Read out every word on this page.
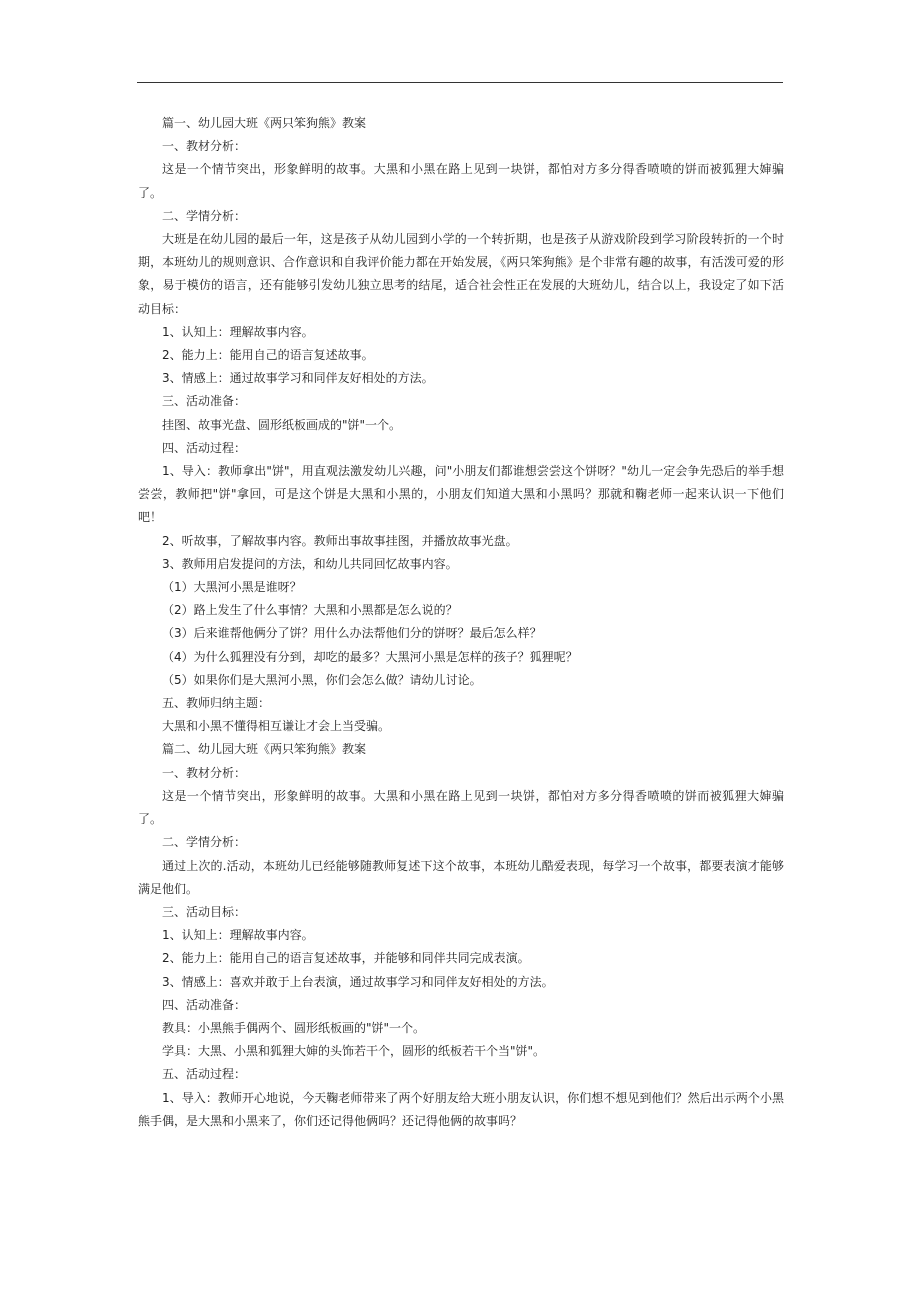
篇一、幼儿园大班《两只笨狗熊》教案

一、教材分析：

这是一个情节突出，形象鲜明的故事。大黑和小黑在路上见到一块饼，都怕对方多分得香喷喷的饼而被狐狸大婶骗了。

二、学情分析：

大班是在幼儿园的最后一年，这是孩子从幼儿园到小学的一个转折期，也是孩子从游戏阶段到学习阶段转折的一个时期，本班幼儿的规则意识、合作意识和自我评价能力都在开始发展，《两只笨狗熊》是个非常有趣的故事，有活泼可爱的形象，易于模仿的语言，还有能够引发幼儿独立思考的结尾，适合社会性正在发展的大班幼儿，结合以上，我设定了如下活动目标：

1、认知上：理解故事内容。

2、能力上：能用自己的语言复述故事。

3、情感上：通过故事学习和同伴友好相处的方法。

三、活动准备：

挂图、故事光盘、圆形纸板画成的"饼"一个。

四、活动过程：

1、导入：教师拿出"饼"，用直观法激发幼儿兴趣，问"小朋友们都谁想尝尝这个饼呀？"幼儿一定会争先恐后的举手想尝尝，教师把"饼"拿回，可是这个饼是大黑和小黑的，小朋友们知道大黑和小黑吗？那就和鞠老师一起来认识一下他们吧！

2、听故事，了解故事内容。教师出事故事挂图，并播放故事光盘。

3、教师用启发提问的方法，和幼儿共同回忆故事内容。

（1）大黑河小黑是谁呀？

（2）路上发生了什么事情？大黑和小黑都是怎么说的？

（3）后来谁帮他俩分了饼？用什么办法帮他们分的饼呀？最后怎么样？

（4）为什么狐狸没有分到，却吃的最多？大黑河小黑是怎样的孩子？狐狸呢？

（5）如果你们是大黑河小黑，你们会怎么做？请幼儿讨论。

五、教师归纳主题：

大黑和小黑不懂得相互谦让才会上当受骗。

篇二、幼儿园大班《两只笨狗熊》教案

一、教材分析：

这是一个情节突出，形象鲜明的故事。大黑和小黑在路上见到一块饼，都怕对方多分得香喷喷的饼而被狐狸大婶骗了。

二、学情分析：

通过上次的.活动，本班幼儿已经能够随教师复述下这个故事，本班幼儿酷爱表现，每学习一个故事，都要表演才能够满足他们。

三、活动目标：

1、认知上：理解故事内容。

2、能力上：能用自己的语言复述故事，并能够和同伴共同完成表演。

3、情感上：喜欢并敢于上台表演，通过故事学习和同伴友好相处的方法。

四、活动准备：

教具：小黑熊手偶两个、圆形纸板画的"饼"一个。

学具：大黑、小黑和狐狸大婶的头饰若干个，圆形的纸板若干个当"饼"。

五、活动过程：

1、导入：教师开心地说，今天鞠老师带来了两个好朋友给大班小朋友认识，你们想不想见到他们？然后出示两个小黑熊手偶，是大黑和小黑来了，你们还记得他俩吗？还记得他俩的故事吗？
